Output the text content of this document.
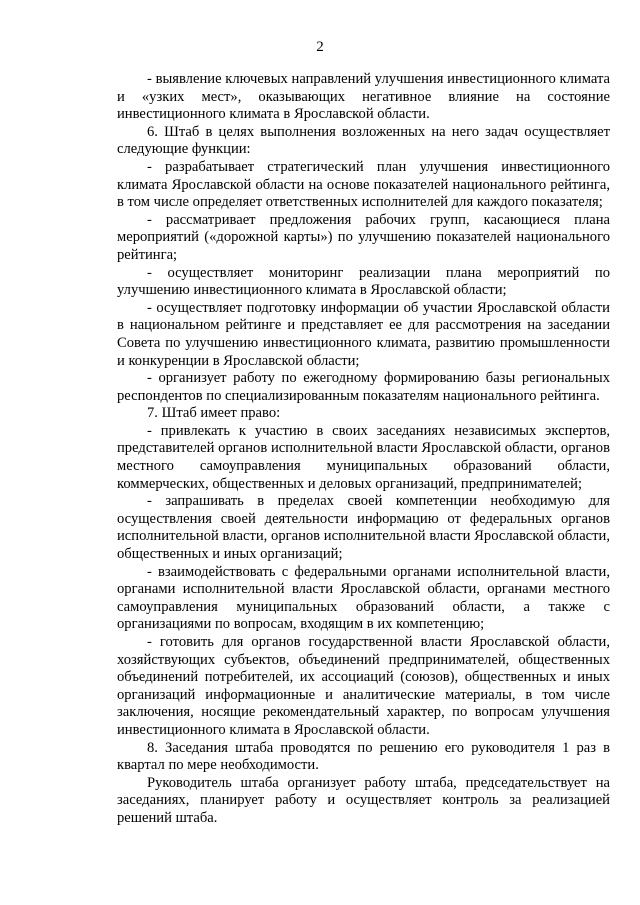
2

- выявление ключевых направлений улучшения инвестиционного климата и «узких мест», оказывающих негативное влияние на состояние инвестиционного климата в Ярославской области.

6. Штаб в целях выполнения возложенных на него задач осуществляет следующие функции:

- разрабатывает стратегический план улучшения инвестиционного климата Ярославской области на основе показателей национального рейтинга, в том числе определяет ответственных исполнителей для каждого показателя;

- рассматривает предложения рабочих групп, касающиеся плана мероприятий («дорожной карты») по улучшению показателей национального рейтинга;

- осуществляет мониторинг реализации плана мероприятий по улучшению инвестиционного климата в Ярославской области;

- осуществляет подготовку информации об участии Ярославской области в национальном рейтинге и представляет ее для рассмотрения на заседании Совета по улучшению инвестиционного климата, развитию промышленности и конкуренции в Ярославской области;

- организует работу по ежегодному формированию базы региональных респондентов по специализированным показателям национального рейтинга.

7. Штаб имеет право:

- привлекать к участию в своих заседаниях независимых экспертов, представителей органов исполнительной власти Ярославской области, органов местного самоуправления муниципальных образований области, коммерческих, общественных и деловых организаций, предпринимателей;

- запрашивать в пределах своей компетенции необходимую для осуществления своей деятельности информацию от федеральных органов исполнительной власти, органов исполнительной власти Ярославской области, общественных и иных организаций;

- взаимодействовать с федеральными органами исполнительной власти, органами исполнительной власти Ярославской области, органами местного самоуправления муниципальных образований области, а также с организациями по вопросам, входящим в их компетенцию;

- готовить для органов государственной власти Ярославской области, хозяйствующих субъектов, объединений предпринимателей, общественных объединений потребителей, их ассоциаций (союзов), общественных и иных организаций информационные и аналитические материалы, в том числе заключения, носящие рекомендательный характер, по вопросам улучшения инвестиционного климата в Ярославской области.

8. Заседания штаба проводятся по решению его руководителя 1 раз в квартал по мере необходимости.

Руководитель штаба организует работу штаба, председательствует на заседаниях, планирует работу и осуществляет контроль за реализацией решений штаба.
